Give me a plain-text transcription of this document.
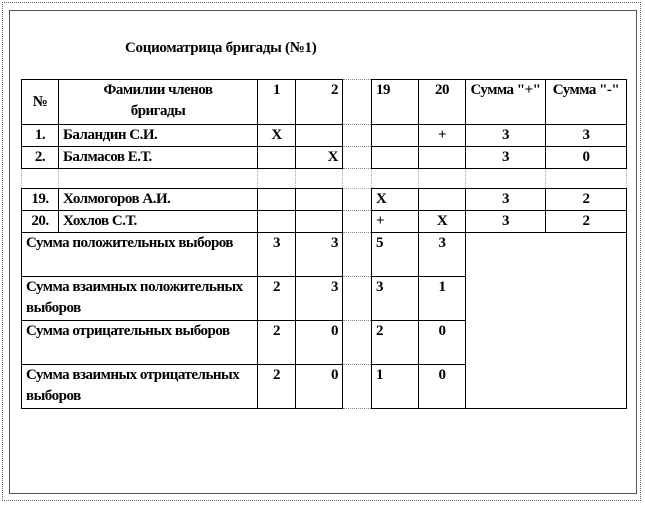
Социоматрица бригады (№1)
№	Фамилии членов бригады	1	2		19	20	Сумма "+"	Сумма "-"
1.	Баландин С.И.	X				+	3	3
2.	Балмасов Е.Т.		X				3	0

19.	Холмогоров А.И.				X		3	2
20.	Хохлов С.Т.				+	X	3	2
Сумма положительных выборов		3	3		5	3		
Сумма взаимных положительных выборов		2	3		3	1		
Сумма отрицательных выборов		2	0		2	0		
Сумма взаимных отрицательных выборов		2	0		1	0		
